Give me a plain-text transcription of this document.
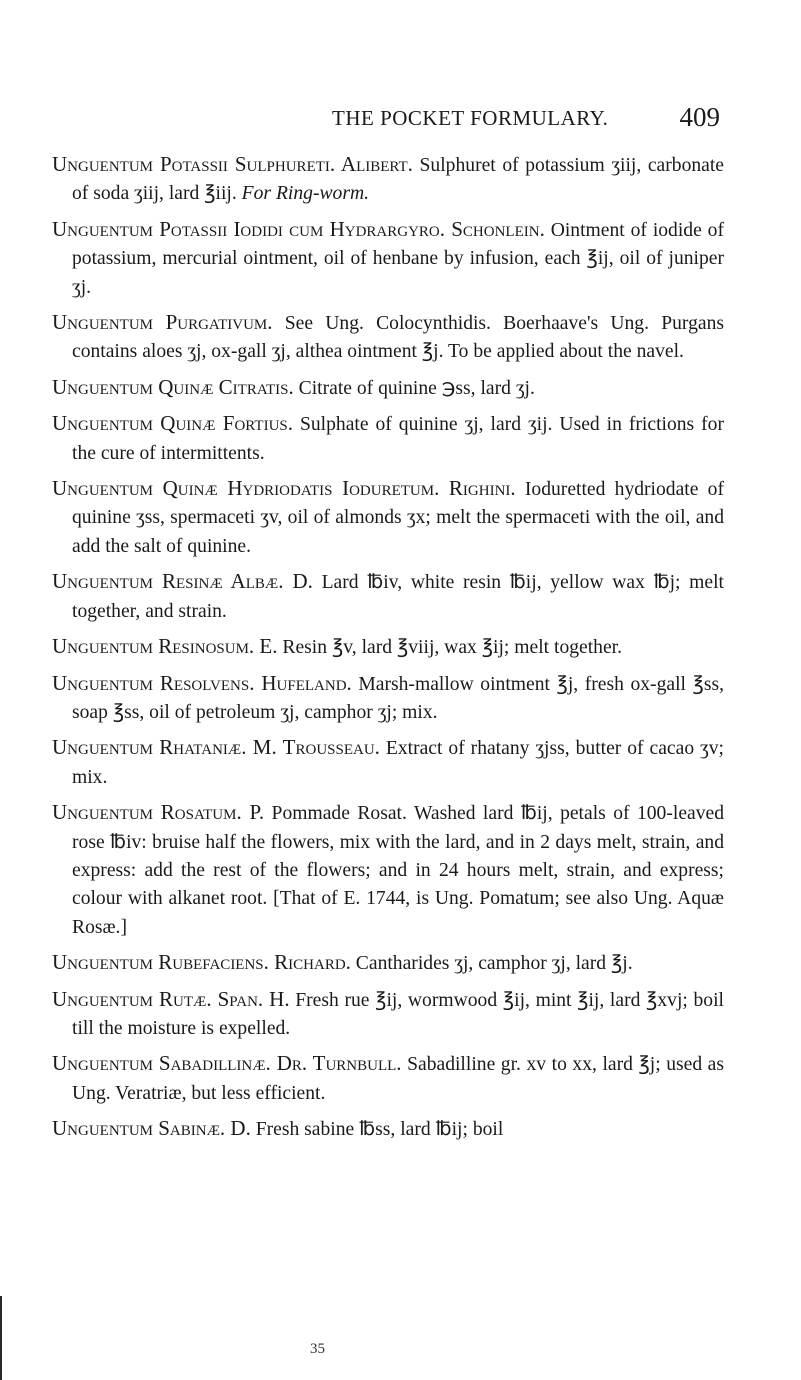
THE POCKET FORMULARY.	409

Unguentum Potassii Sulphureti. Alibert. Sulphuret of potassium ʒiij, carbonate of soda ʒiij, lard ℥iij. For Ring-worm.

Unguentum Potassii Iodidi cum Hydrargyro. Schonlein. Ointment of iodide of potassium, mercurial ointment, oil of henbane by infusion, each ℥ij, oil of juniper ʒj.

Unguentum Purgativum. See Ung. Colocynthidis. Boerhaave's Ung. Purgans contains aloes ʒj, ox-gall ʒj, althea ointment ℥j. To be applied about the navel.

Unguentum Quinæ Citratis. Citrate of quinine ℈ss, lard ʒj.

Unguentum Quinæ Fortius. Sulphate of quinine ʒj, lard ʒij. Used in frictions for the cure of intermittents.

Unguentum Quinæ Hydriodatis Ioduretum. Righini. Ioduretted hydriodate of quinine ʒss, spermaceti ʒv, oil of almonds ʒx; melt the spermaceti with the oil, and add the salt of quinine.

Unguentum Resinæ Albæ. D. Lard ℔iv, white resin ℔ij, yellow wax ℔j; melt together, and strain.

Unguentum Resinosum. E. Resin ℥v, lard ℥viij, wax ℥ij; melt together.

Unguentum Resolvens. Hufeland. Marsh-mallow ointment ℥j, fresh ox-gall ℥ss, soap ℥ss, oil of petroleum ʒj, camphor ʒj; mix.

Unguentum Rhataniæ. M. Trousseau. Extract of rhatany ʒjss, butter of cacao ʒv; mix.

Unguentum Rosatum. P. Pommade Rosat. Washed lard ℔ij, petals of 100-leaved rose ℔iv: bruise half the flowers, mix with the lard, and in 2 days melt, strain, and express: add the rest of the flowers; and in 24 hours melt, strain, and express; colour with alkanet root. [That of E. 1744, is Ung. Pomatum; see also Ung. Aquæ Rosæ.]

Unguentum Rubefaciens. Richard. Cantharides ʒj, camphor ʒj, lard ℥j.

Unguentum Rutæ. Span. H. Fresh rue ℥ij, wormwood ℥ij, mint ℥ij, lard ℥xvj; boil till the moisture is expelled.

Unguentum Sabadillinæ. Dr. Turnbull. Sabadilline gr. xv to xx, lard ℥j; used as Ung. Veratriæ, but less efficient.

Unguentum Sabinæ. D. Fresh sabine ℔ss, lard ℔ij; boil

35
